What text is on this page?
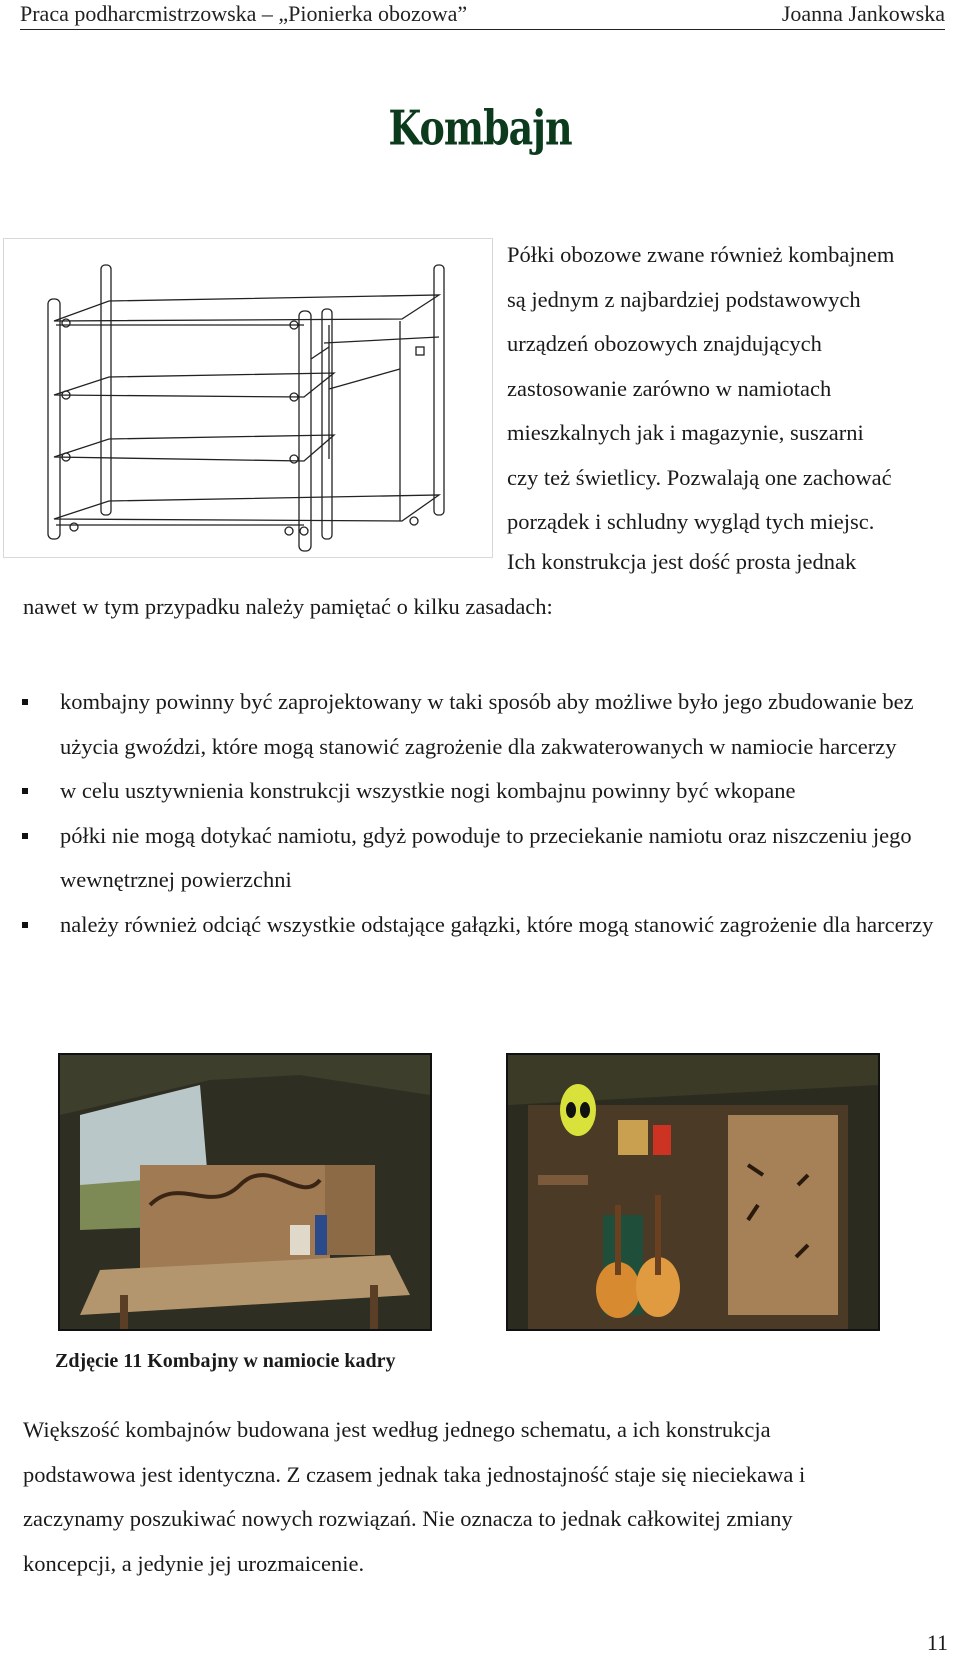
Praca podharcmistrzowska – „Pionierka obozowa”	Joanna Jankowska
Kombajn

Półki obozowe zwane również kombajnem

są jednym z najbardziej podstawowych

urządzeń obozowych znajdujących

zastosowanie zarówno w namiotach

mieszkalnych jak i magazynie, suszarni

czy też świetlicy. Pozwalają one zachować

porządek i schludny wygląd tych miejsc.

Ich konstrukcja jest dość prosta jednak
nawet w tym przypadku należy pamiętać o kilku zasadach:
kombajny powinny być zaprojektowany w taki sposób aby możliwe było jego zbudowanie bez użycia gwoździ, które mogą stanowić zagrożenie dla zakwaterowanych w namiocie harcerzy
w celu usztywnienia konstrukcji wszystkie nogi kombajnu powinny być wkopane
półki nie mogą dotykać namiotu, gdyż powoduje to przeciekanie namiotu oraz niszczeniu jego wewnętrznej powierzchni
należy również odciąć wszystkie odstające gałązki, które mogą stanowić zagrożenie dla harcerzy
Zdjęcie 11 Kombajny w namiocie kadry

Większość kombajnów budowana jest według jednego schematu, a ich konstrukcja

podstawowa jest identyczna. Z czasem jednak taka jednostajność staje się nieciekawa i

zaczynamy poszukiwać nowych rozwiązań. Nie oznacza to jednak całkowitej zmiany

koncepcji, a jedynie jej urozmaicenie.

11
